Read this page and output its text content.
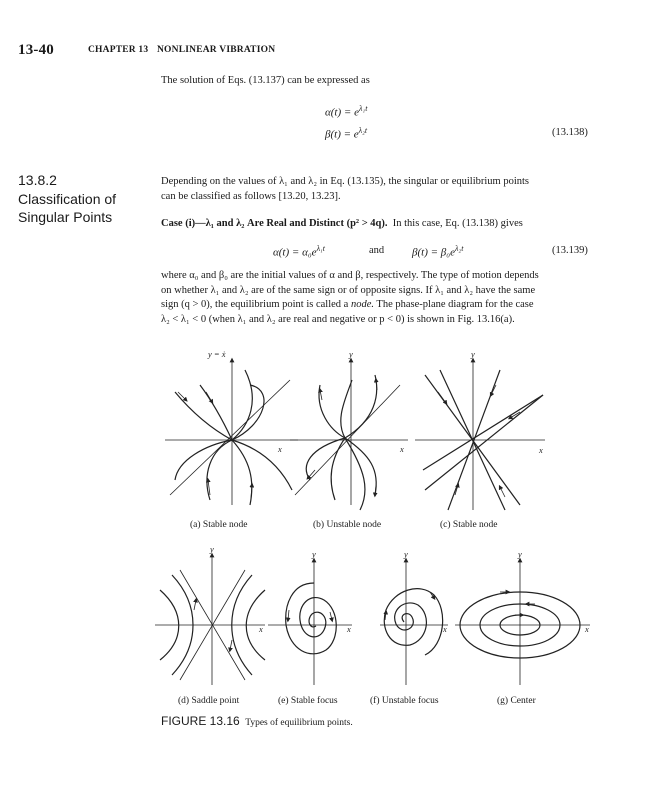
13-40	CHAPTER 13 NONLINEAR VIBRATION
The solution of Eqs. (13.137) can be expressed as
$\alpha(t) = e^{\lambda_1t}$
$\beta(t) = e^{\lambda_2t}$	(13.138)
13.8.2
Classification of
Singular Points
Depending on the values of λ₁ and λ₂ in Eq. (13.135), the singular or equilibrium points
can be classified as follows [13.20, 13.23].
Case (i)—λ₁ and λ₂ Are Real and Distinct (p² > 4q). In this case, Eq. (13.138) gives
$\alpha(t) = \alpha_0e^{\lambda_1t}$	and	$\beta(t) = \beta_0e^{\lambda_2t}$	(13.139)
where α₀ and β₀ are the initial values of α and β, respectively. The type of motion depends
on whether λ₁ and λ₂ are of the same sign or of opposite signs. If λ₁ and λ₂ have the same
sign (q > 0), the equilibrium point is called a node. The phase-plane diagram for the case
λ₂ < λ₁ < 0 (when λ₁ and λ₂ are real and negative or p < 0) is shown in Fig. 13.16(a).
y = ẋ
x
y
x
y
x
y
x
y
x
y
x
y
x
(a) Stable node	(b) Unstable node	(c) Stable node
(d) Saddle point	(e) Stable focus	(f) Unstable focus	(g) Center
FIGURE 13.16 Types of equilibrium points.
